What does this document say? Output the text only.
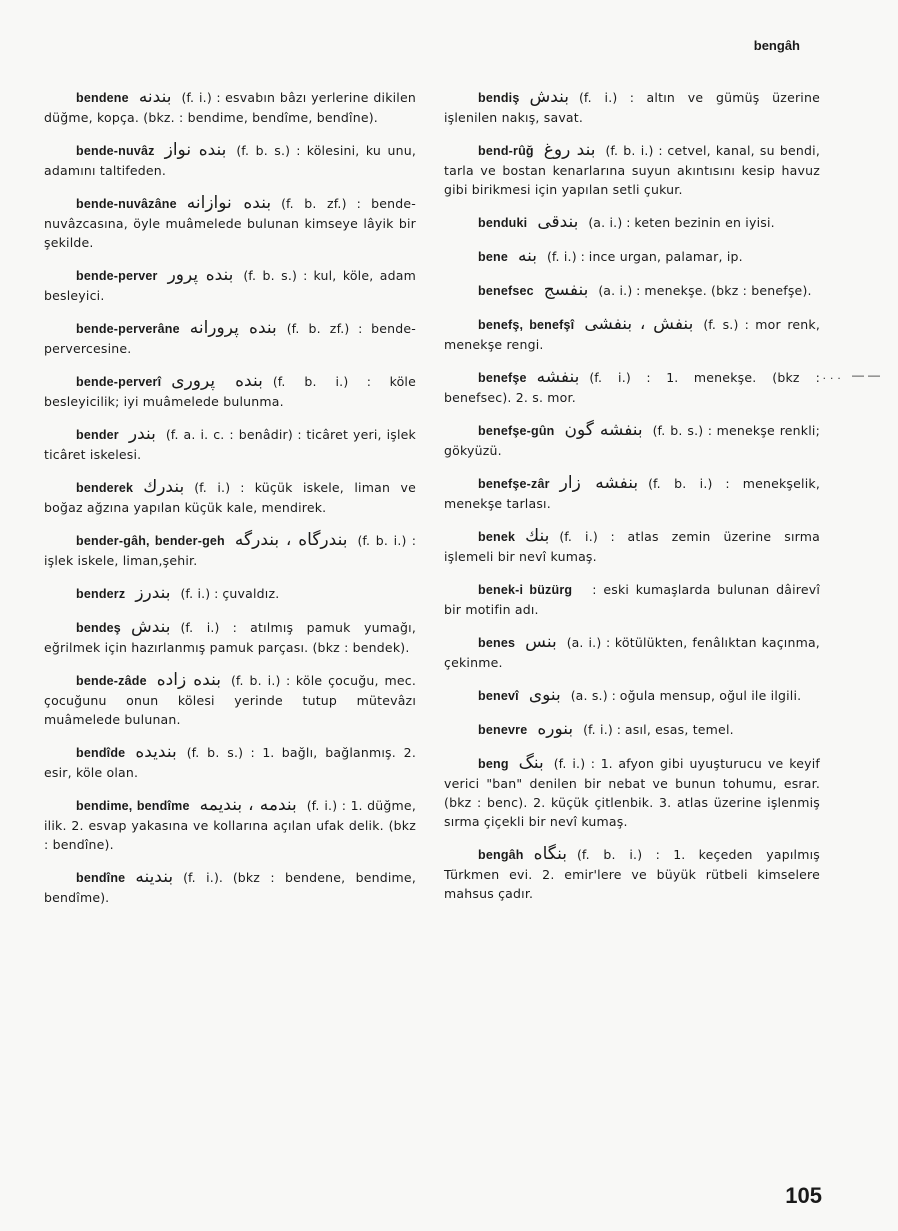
bengâh
... ——
bendene بندنه (f. i.) : esvabın bâzı yerlerine dikilen düğme, kopça. (bkz. : bendime, bendîme, bendîne).
bende-nuvâz بنده نواز (f. b. s.) : kölesini, ku unu, adamını taltifeden.
bende-nuvâzâne بنده نوازانه (f. b. zf.) : bende-nuvâzcasına, öyle muâmelede bulunan kimseye lâyik bir şekilde.
bende-perver بنده پرور (f. b. s.) : kul, köle, adam besleyici.
bende-perverâne بنده پرورانه (f. b. zf.) : bende-pervercesine.
bende-perverî بنده پروری (f. b. i.) : köle besleyicilik; iyi muâmelede bulunma.
bender بندر (f. a. i. c. : benâdir) : ticâret yeri, işlek ticâret iskelesi.
benderek بندرك (f. i.) : küçük iskele, liman ve boğaz ağzına yapılan küçük kale, mendirek.
bender-gâh, bender-geh بندرگاه ، بندرگه (f. b. i.) : işlek iskele, liman,şehir.
benderz بندرز (f. i.) : çuvaldız.
bendeş بندش (f. i.) : atılmış pamuk yumağı, eğrilmek için hazırlanmış pamuk parçası. (bkz : bendek).
bende-zâde بنده زاده (f. b. i.) : köle çocuğu, mec. çocuğunu onun kölesi yerinde tutup mütevâzı muâmelede bulunan.
bendîde بندیده (f. b. s.) : 1. bağlı, bağlanmış. 2. esir, köle olan.
bendime, bendîme بندمه ، بندیمه (f. i.) : 1. düğme, ilik. 2. esvap yakasına ve kollarına açılan ufak delik. (bkz : bendîne).
bendîne بندینه (f. i.). (bkz : bendene, bendime, bendîme).
bendiş بندش (f. i.) : altın ve gümüş üzerine işlenilen nakış, savat.
bend-rûğ بند روغ (f. b. i.) : cetvel, kanal, su bendi, tarla ve bostan kenarlarına suyun akıntısını kesip havuz gibi birikmesi için yapılan setli çukur.
benduki بندقی (a. i.) : keten bezinin en iyisi.
bene بنه (f. i.) : ince urgan, palamar, ip.
benefsec بنفسج (a. i.) : menekşe. (bkz : benefşe).
benefş, benefşî بنفش ، بنفشی (f. s.) : mor renk, menekşe rengi.
benefşe بنفشه (f. i.) : 1. menekşe. (bkz : benefsec). 2. s. mor.
benefşe-gûn بنفشه گون (f. b. s.) : menekşe renkli; gökyüzü.
benefşe-zâr بنفشه زار (f. b. i.) : menekşelik, menekşe tarlası.
benek بنك (f. i.) : atlas zemin üzerine sırma işlemeli bir nevî kumaş.
benek-i büzürg : eski kumaşlarda bulunan dâirevî bir motifin adı.
benes بنس (a. i.) : kötülükten, fenâlıktan kaçınma, çekinme.
benevî بنوی (a. s.) : oğula mensup, oğul ile ilgili.
benevre بنوره (f. i.) : asıl, esas, temel.
beng بنگ (f. i.) : 1. afyon gibi uyuşturucu ve keyif verici "ban" denilen bir nebat ve bunun tohumu, esrar. (bkz : benc). 2. küçük çitlenbik. 3. atlas üzerine işlenmiş sırma çiçekli bir nevî kumaş.
bengâh بنگاه (f. b. i.) : 1. keçeden yapılmış Türkmen evi. 2. emir'lere ve büyük rütbeli kimselere mahsus çadır.
105
